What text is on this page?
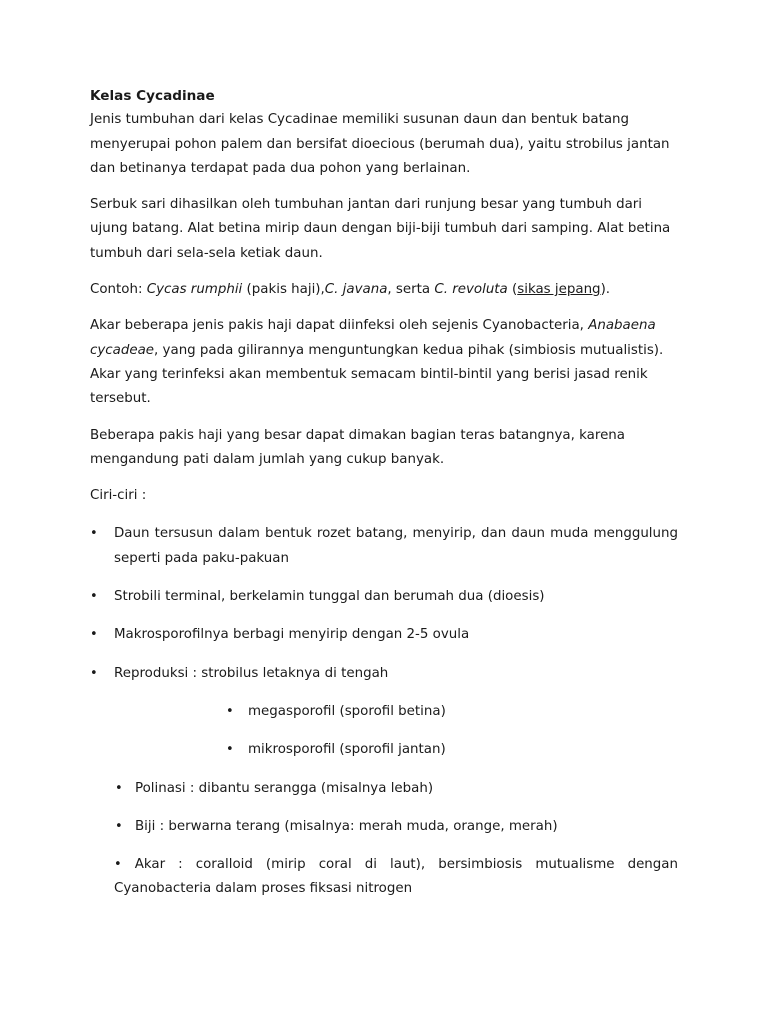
Kelas Cycadinae

Jenis tumbuhan dari kelas Cycadinae memiliki susunan daun dan bentuk batang menyerupai pohon palem dan bersifat dioecious (berumah dua), yaitu strobilus jantan dan betinanya terdapat pada dua pohon yang berlainan.

Serbuk sari dihasilkan oleh tumbuhan jantan dari runjung besar yang tumbuh dari ujung batang. Alat betina mirip daun dengan biji-biji tumbuh dari samping. Alat betina tumbuh dari sela-sela ketiak daun.

Contoh: Cycas rumphii (pakis haji),C. javana, serta C. revoluta (sikas jepang).

Akar beberapa jenis pakis haji dapat diinfeksi oleh sejenis Cyanobacteria, Anabaena cycadeae, yang pada gilirannya menguntungkan kedua pihak (simbiosis mutualistis). Akar yang terinfeksi akan membentuk semacam bintil-bintil yang berisi jasad renik tersebut.

Beberapa pakis haji yang besar dapat dimakan bagian teras batangnya, karena mengandung pati dalam jumlah yang cukup banyak.

Ciri-ciri :

• Daun tersusun dalam bentuk rozet batang, menyirip, dan daun muda menggulung seperti pada paku-pakuan
• Strobili terminal, berkelamin tunggal dan berumah dua (dioesis)
• Makrosporofilnya berbagi menyirip dengan 2-5 ovula
• Reproduksi : strobilus letaknya di tengah
• megasporofil (sporofil betina)
• mikrosporofil (sporofil jantan)
• Polinasi : dibantu serangga (misalnya lebah)
• Biji : berwarna terang (misalnya: merah muda, orange, merah)
• Akar : coralloid (mirip coral di laut), bersimbiosis mutualisme dengan Cyanobacteria dalam proses fiksasi nitrogen
